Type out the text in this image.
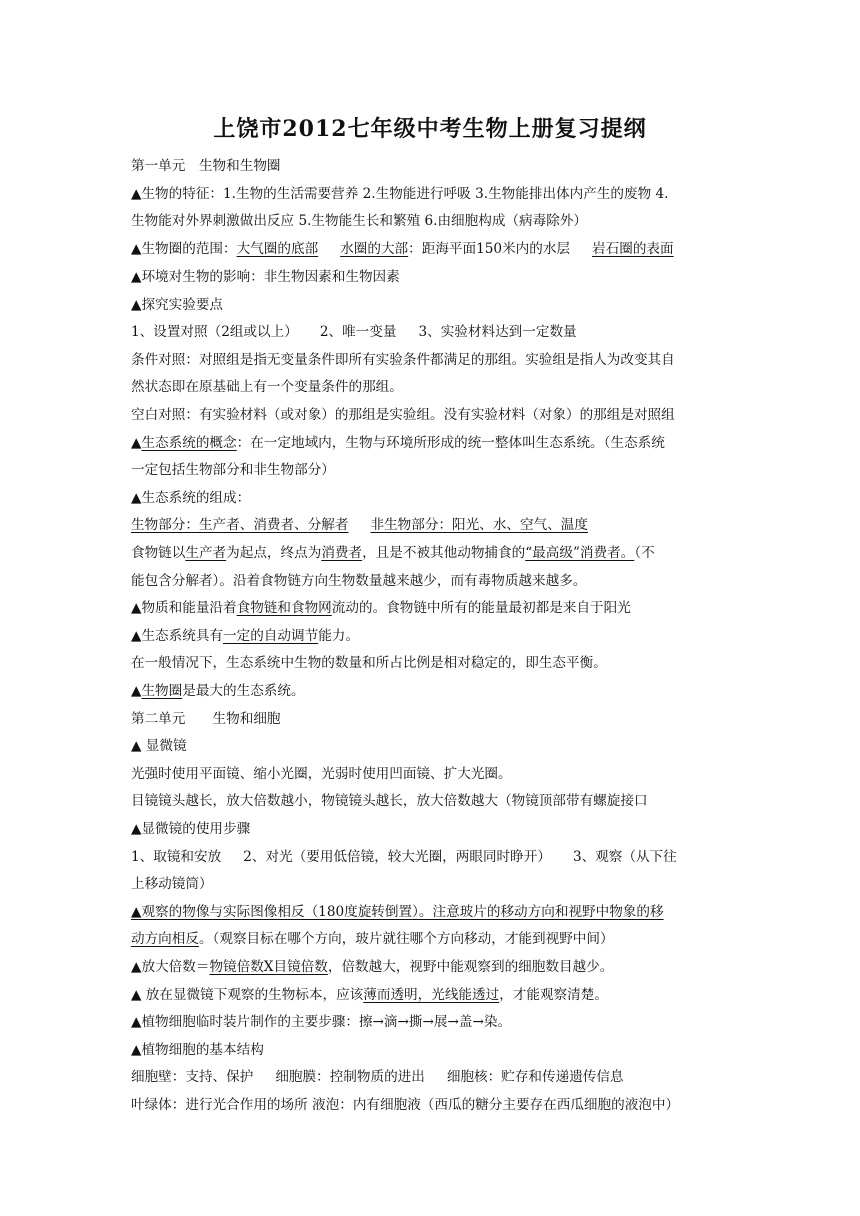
上饶市2012七年级中考生物上册复习提纲
第一单元　生物和生物圈
▲生物的特征：1.生物的生活需要营养 2.生物能进行呼吸 3.生物能排出体内产生的废物 4.
生物能对外界刺激做出反应 5.生物能生长和繁殖 6.由细胞构成（病毒除外）
▲生物圈的范围：大气圈的底部 水圈的大部：距海平面150米内的水层 岩石圈的表面
▲环境对生物的影响：非生物因素和生物因素
▲探究实验要点
1、设置对照（2组或以上） 2、唯一变量 3、实验材料达到一定数量
条件对照：对照组是指无变量条件即所有实验条件都满足的那组。实验组是指人为改变其自
然状态即在原基础上有一个变量条件的那组。
空白对照：有实验材料（或对象）的那组是实验组。没有实验材料（对象）的那组是对照组
▲生态系统的概念：在一定地域内，生物与环境所形成的统一整体叫生态系统。（生态系统
一定包括生物部分和非生物部分）
▲生态系统的组成：
生物部分：生产者、消费者、分解者 非生物部分：阳光、水、空气、温度
食物链以生产者为起点，终点为消费者，且是不被其他动物捕食的“最高级”消费者。（不
能包含分解者）。沿着食物链方向生物数量越来越少，而有毒物质越来越多。
▲物质和能量沿着食物链和食物网流动的。食物链中所有的能量最初都是来自于阳光
▲生态系统具有一定的自动调节能力。
在一般情况下，生态系统中生物的数量和所占比例是相对稳定的，即生态平衡。
▲生物圈是最大的生态系统。
第二单元　　生物和细胞
▲ 显微镜
光强时使用平面镜、缩小光圈，光弱时使用凹面镜、扩大光圈。
目镜镜头越长，放大倍数越小，物镜镜头越长，放大倍数越大（物镜顶部带有螺旋接口
▲显微镜的使用步骤
1、取镜和安放 2、对光（要用低倍镜，较大光圈，两眼同时睁开） 3、观察（从下往
上移动镜筒）
▲观察的物像与实际图像相反（180度旋转倒置）。注意玻片的移动方向和视野中物象的移
动方向相反。（观察目标在哪个方向，玻片就往哪个方向移动，才能到视野中间）
▲放大倍数＝物镜倍数X目镜倍数，倍数越大，视野中能观察到的细胞数目越少。
▲ 放在显微镜下观察的生物标本，应该薄而透明，光线能透过，才能观察清楚。
▲植物细胞临时装片制作的主要步骤：擦→滴→撕→展→盖→染。
▲植物细胞的基本结构
细胞壁：支持、保护 细胞膜：控制物质的进出 细胞核：贮存和传递遗传信息
叶绿体：进行光合作用的场所 液泡：内有细胞液（西瓜的糖分主要存在西瓜细胞的液泡中）
